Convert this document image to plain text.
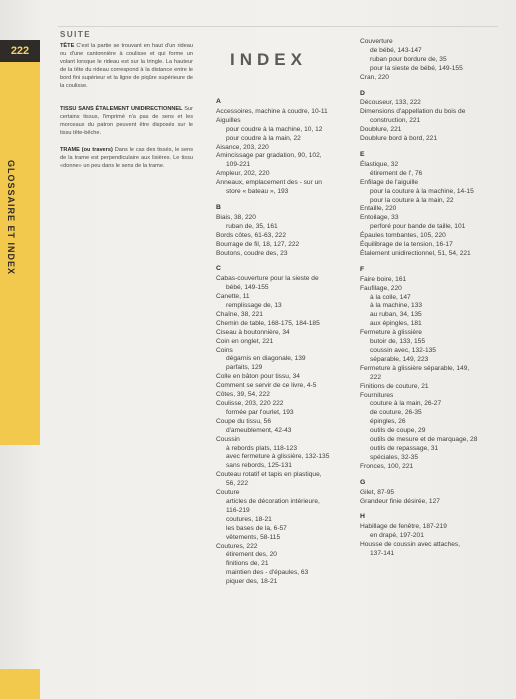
222
GLOSSAIRE ET INDEX
SUITE
TÊTE C'est la partie se trouvant en haut d'un rideau ou d'une cantonnière à coulisse et qui forme un volant lorsque le rideau est sur la tringle. La hauteur de la tête du rideau correspond à la distance entre le bord fini supérieur et la ligne de piqûre supérieure de la coulisse.
TISSU SANS ÉTALEMENT UNIDIRECTIONNEL Sur certains tissus, l'imprimé n'a pas de sens et les morceaux du patron peuvent être disposés sur le tissu tête-bêche.
TRAME (ou travers) Dans le cas des tissés, le sens de la trame est perpendiculaire aux lisières. Le tissu «donne» un peu dans le sens de la trame.
INDEX
A
Accessoires, machine à coudre, 10-11
Aiguilles
pour coudre à la machine, 10, 12
pour coudre à la main, 22
Aisance, 203, 220
Amincissage par gradation, 90, 102,
109-221
Ampleur, 202, 220
Anneaux, emplacement des - sur un
store « bateau », 193
B
Biais, 38, 220
ruban de, 35, 161
Bords côtes, 61-63, 222
Bourrage de fil, 18, 127, 222
Boutons, coudre des, 23
C
Cabas-couverture pour la sieste de
bébé, 149-155
Canette, 11
remplissage de, 13
Chaîne, 38, 221
Chemin de table, 168-175, 184-185
Ciseau à boutonnière, 34
Coin en onglet, 221
Coins
dégarnis en diagonale, 139
parfaits, 129
Colle en bâton pour tissu, 34
Comment se servir de ce livre, 4-5
Côtes, 39, 54, 222
Coulisse, 203, 220 222
formée par l'ourlet, 193
Coupe du tissu, 56
d'ameublement, 42-43
Coussin
à rebords plats, 118-123
avec fermeture à glissière, 132-135
sans rebords, 125-131
Couteau rotatif et tapis en plastique,
56, 222
Couture
articles de décoration intérieure,
116-219
coutures, 18-21
les bases de la, 6-57
vêtements, 58-115
Coutures, 222
étirement des, 20
finitions de, 21
maintien des - d'épaules, 63
piquer des, 18-21
Couverture
de bébé, 143-147
ruban pour bordure de, 35
pour la sieste de bébé, 149-155
Cran, 220
D
Découseur, 133, 222
Dimensions d'appellation du bois de
construction, 221
Doublure, 221
Doublure bord à bord, 221
E
Élastique, 32
étirement de l', 76
Enfilage de l'aiguille
pour la couture à la machine, 14-15
pour la couture à la main, 22
Entaille, 220
Entoilage, 33
perforé pour bande de taille, 101
Épaules tombantes, 105, 220
Équilibrage de la tension, 16-17
Étalement unidirectionnel, 51, 54, 221
F
Faire boire, 161
Faufilage, 220
à la colle, 147
à la machine, 133
au ruban, 34, 135
aux épingles, 181
Fermeture à glissière
butoir de, 133, 155
coussin avec, 132-135
séparable, 149, 223
Fermeture à glissière séparable, 149,
222
Finitions de couture, 21
Fournitures
couture à la main, 26-27
de couture, 26-35
épingles, 26
outils de coupe, 29
outils de mesure et de marquage, 28
outils de repassage, 31
spéciales, 32-35
Fronces, 100, 221
G
Gilet, 87-95
Grandeur finie désirée, 127
H
Habillage de fenêtre, 187-219
en drapé, 197-201
Housse de coussin avec attaches,
137-141
